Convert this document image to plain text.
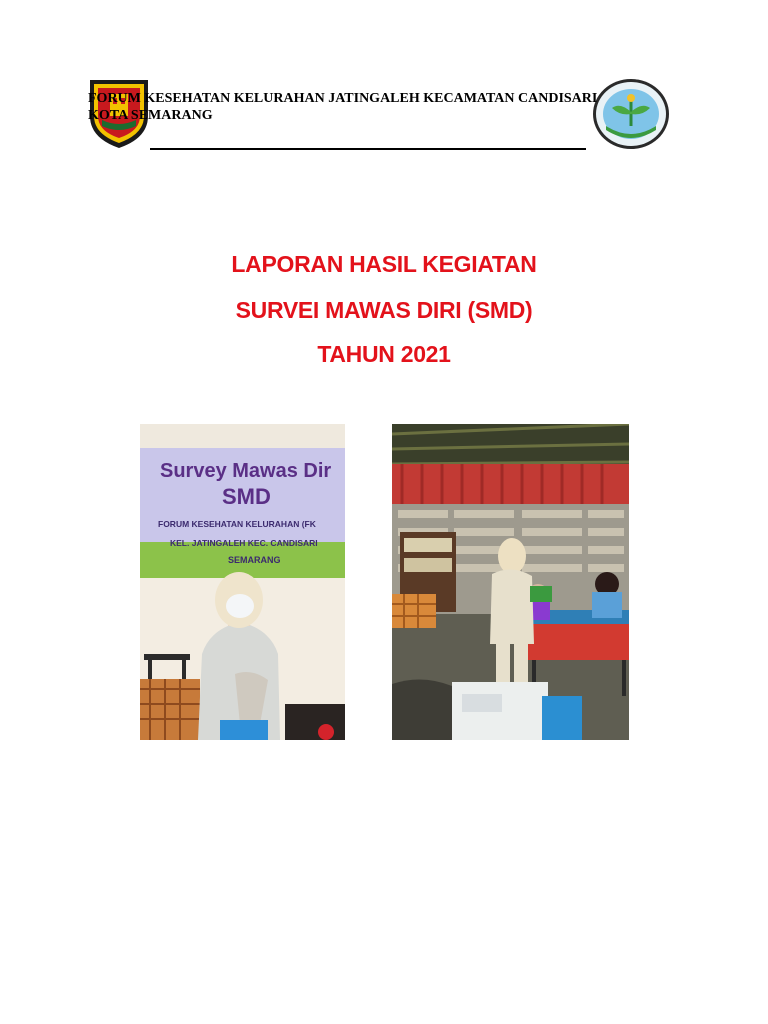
FORUM KESEHATAN KELURAHAN JATINGALEH KECAMATAN CANDISARI
KOTA SEMARANG
LAPORAN HASIL KEGIATAN
SURVEI MAWAS DIRI (SMD)
TAHUN 2021
Survey Mawas Dir
SMD
FORUM KESEHATAN KELURAHAN (FK
KEL. JATINGALEH KEC. CANDISARI
SEMARANG
